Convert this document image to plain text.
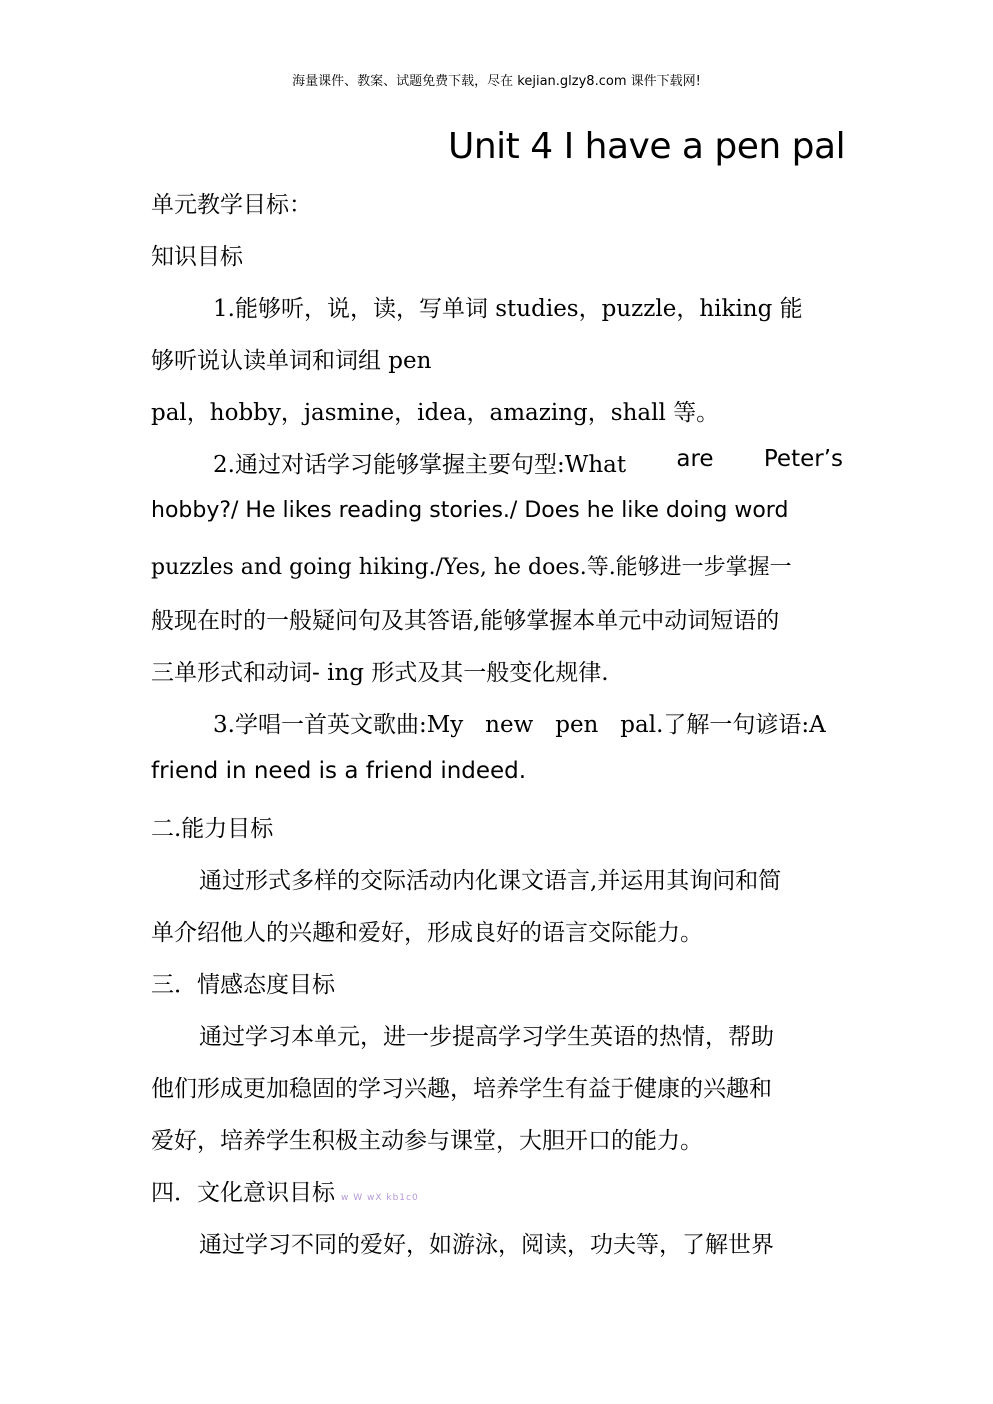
海量课件、教案、试题免费下载，尽在 kejian.glzy8.com 课件下载网!
Unit 4 I have a pen pal
单元教学目标：
知识目标
1.能够听，说，读，写单词 studies，puzzle，hiking 能
够听说认读单词和词组 pen
pal，hobby，jasmine，idea，amazing，shall 等。
2.通过对话学习能够掌握主要句型:What are Peter’s
hobby?/ He likes reading stories./ Does he like doing word
puzzles and going hiking./Yes, he does.等.能够进一步掌握一
般现在时的一般疑问句及其答语,能够掌握本单元中动词短语的
三单形式和动词- ing 形式及其一般变化规律.
3.学唱一首英文歌曲:My   new   pen   pal.了解一句谚语:A
friend in need is a friend indeed.
二.能力目标
通过形式多样的交际活动内化课文语言,并运用其询问和简
单介绍他人的兴趣和爱好，形成良好的语言交际能力。
三．情感态度目标
通过学习本单元，进一步提高学习学生英语的热情，帮助
他们形成更加稳固的学习兴趣，培养学生有益于健康的兴趣和
爱好，培养学生积极主动参与课堂，大胆开口的能力。
四．文化意识目标 w W wX kb1c0
通过学习不同的爱好，如游泳，阅读，功夫等，了解世界
